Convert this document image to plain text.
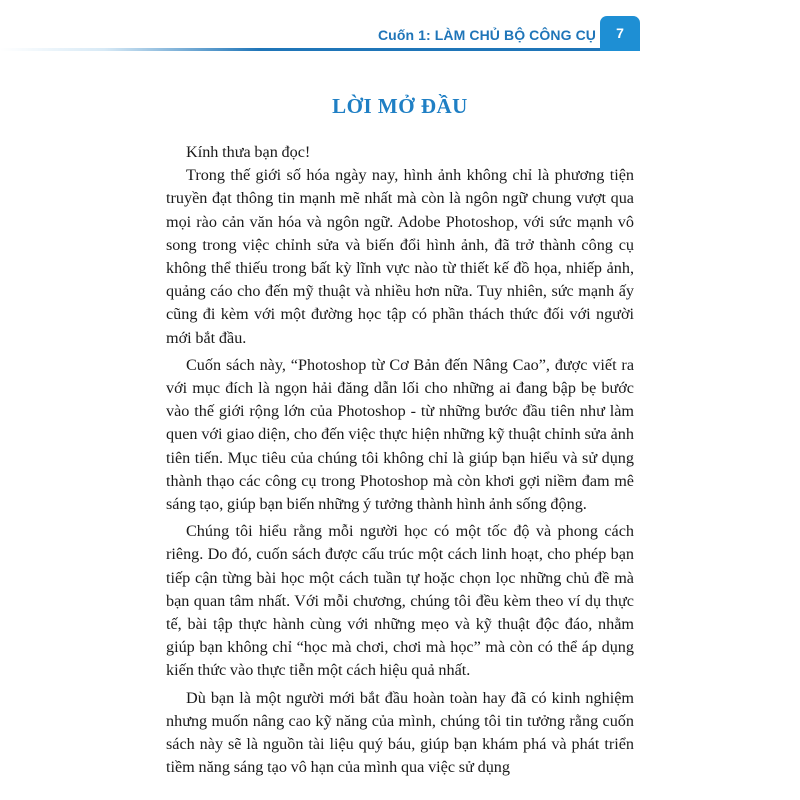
Cuốn 1: LÀM CHỦ BỘ CÔNG CỤ	7
LỜI MỞ ĐẦU

Kính thưa bạn đọc!

Trong thế giới số hóa ngày nay, hình ảnh không chỉ là phương tiện truyền đạt thông tin mạnh mẽ nhất mà còn là ngôn ngữ chung vượt qua mọi rào cản văn hóa và ngôn ngữ. Adobe Photoshop, với sức mạnh vô song trong việc chỉnh sửa và biến đổi hình ảnh, đã trở thành công cụ không thể thiếu trong bất kỳ lĩnh vực nào từ thiết kế đồ họa, nhiếp ảnh, quảng cáo cho đến mỹ thuật và nhiều hơn nữa. Tuy nhiên, sức mạnh ấy cũng đi kèm với một đường học tập có phần thách thức đối với người mới bắt đầu.

Cuốn sách này, “Photoshop từ Cơ Bản đến Nâng Cao”, được viết ra với mục đích là ngọn hải đăng dẫn lối cho những ai đang bập bẹ bước vào thế giới rộng lớn của Photoshop - từ những bước đầu tiên như làm quen với giao diện, cho đến việc thực hiện những kỹ thuật chỉnh sửa ảnh tiên tiến. Mục tiêu của chúng tôi không chỉ là giúp bạn hiểu và sử dụng thành thạo các công cụ trong Photoshop mà còn khơi gợi niềm đam mê sáng tạo, giúp bạn biến những ý tưởng thành hình ảnh sống động.

Chúng tôi hiểu rằng mỗi người học có một tốc độ và phong cách riêng. Do đó, cuốn sách được cấu trúc một cách linh hoạt, cho phép bạn tiếp cận từng bài học một cách tuần tự hoặc chọn lọc những chủ đề mà bạn quan tâm nhất. Với mỗi chương, chúng tôi đều kèm theo ví dụ thực tế, bài tập thực hành cùng với những mẹo và kỹ thuật độc đáo, nhằm giúp bạn không chỉ “học mà chơi, chơi mà học” mà còn có thể áp dụng kiến thức vào thực tiễn một cách hiệu quả nhất.

Dù bạn là một người mới bắt đầu hoàn toàn hay đã có kinh nghiệm nhưng muốn nâng cao kỹ năng của mình, chúng tôi tin tưởng rằng cuốn sách này sẽ là nguồn tài liệu quý báu, giúp bạn khám phá và phát triển tiềm năng sáng tạo vô hạn của mình qua việc sử dụng
